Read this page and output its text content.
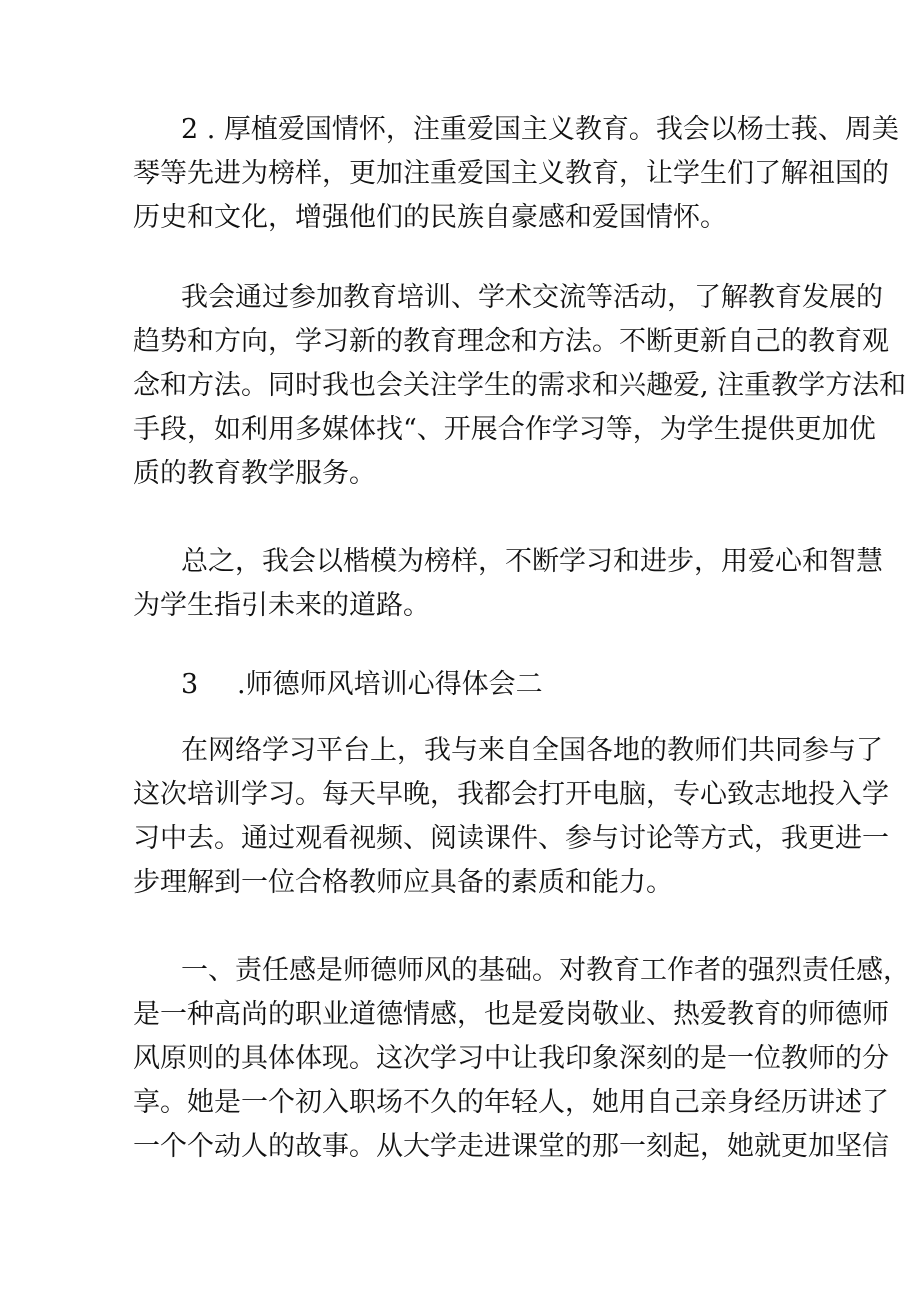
2 . 厚植爱国情怀，注重爱国主义教育。我会以杨士莪、周美
琴等先进为榜样，更加注重爱国主义教育，让学生们了解祖国的
历史和文化，增强他们的民族自豪感和爱国情怀。

我会通过参加教育培训、学术交流等活动，了解教育发展的
趋势和方向，学习新的教育理念和方法。不断更新自己的教育观
念和方法。同时我也会关注学生的需求和兴趣爱, 注重教学方法和
手段，如利用多媒体找“、开展合作学习等，为学生提供更加优
质的教育教学服务。

总之，我会以楷模为榜样，不断学习和进步，用爱心和智慧
为学生指引未来的道路。

3 .师德师风培训心得体会二

在网络学习平台上，我与来自全国各地的教师们共同参与了
这次培训学习。每天早晚，我都会打开电脑，专心致志地投入学
习中去。通过观看视频、阅读课件、参与讨论等方式，我更进一
步理解到一位合格教师应具备的素质和能力。

一、责任感是师德师风的基础。对教育工作者的强烈责任感，
是一种高尚的职业道德情感，也是爱岗敬业、热爱教育的师德师
风原则的具体体现。这次学习中让我印象深刻的是一位教师的分
享。她是一个初入职场不久的年轻人，她用自己亲身经历讲述了
一个个动人的故事。从大学走进课堂的那一刻起，她就更加坚信
